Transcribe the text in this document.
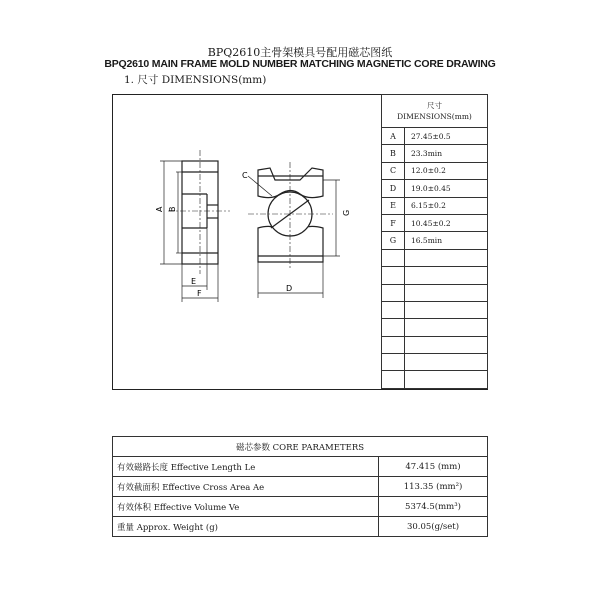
BPQ2610主骨架模具号配用磁芯图纸
BPQ2610 MAIN FRAME MOLD NUMBER MATCHING MAGNETIC CORE DRAWING
1. 尺寸 DIMENSIONS(mm)
A B
E
F
C
D
G
尺寸
DIMENSIONS(mm)	
A	27.45±0.5
B	23.3min
C	12.0±0.2
D	19.0±0.45
E	6.15±0.2
F	10.45±0.2
G	16.5min

磁芯参数 CORE PARAMETERS	
有效磁路长度 Effective Length Le	47.415 (mm)
有效截面积 Effective Cross Area Ae	113.35 (mm²)
有效体积 Effective Volume Ve	5374.5(mm³)
重量 Approx. Weight (g)	30.05(g/set)
